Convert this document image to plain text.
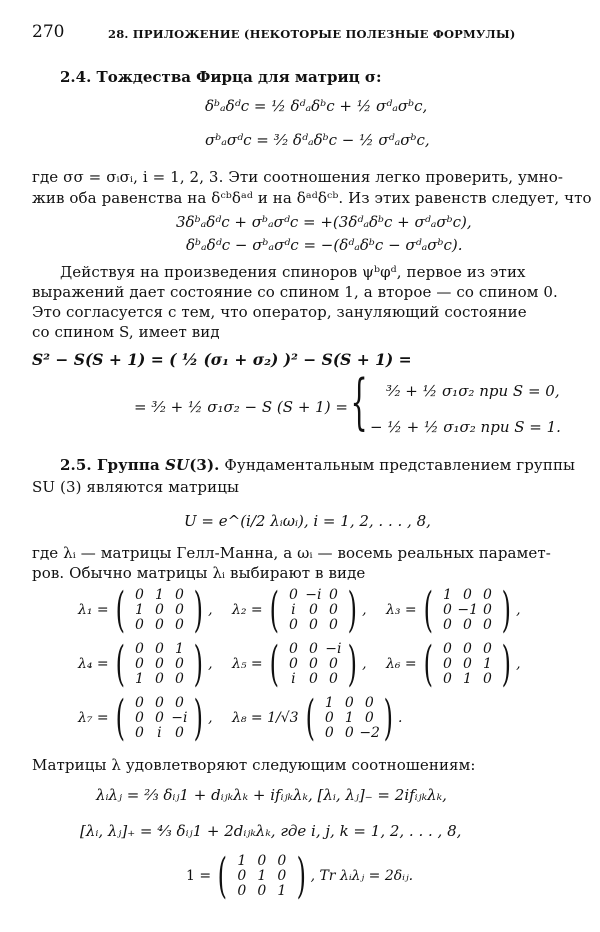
270	28. ПРИЛОЖЕНИЕ (НЕКОТОРЫЕ ПОЛЕЗНЫЕ ФОРМУЛЫ)
2.4. Тождества Фирца для матриц σ:
δᵇₐδᵈc = ½ δᵈₐδᵇc + ½ σᵈₐσᵇc,
σᵇₐσᵈc = ³⁄₂ δᵈₐδᵇc − ½ σᵈₐσᵇc,
где σσ = σᵢσᵢ, i = 1, 2, 3. Эти соотношения легко проверить, умно-
жив оба равенства на δᶜᵇδᵃᵈ и на δᵃᵈδᶜᵇ. Из этих равенств следует, что
3δᵇₐδᵈc + σᵇₐσᵈc = +(3δᵈₐδᵇc + σᵈₐσᵇc),
δᵇₐδᵈc − σᵇₐσᵈc = −(δᵈₐδᵇc − σᵈₐσᵇc).
Действуя на произведения спиноров ψᵇφᵈ, первое из этих
выражений дает состояние со спином 1, а второе — со спином 0.
Это согласуется с тем, что оператор, зануляющий состояние
со спином S, имеет вид
S² − S(S + 1) = ( ½ (σ₁ + σ₂) )² − S(S + 1) =
= ³⁄₂ + ½ σ₁σ₂ − S (S + 1) = { ³⁄₂ + ½ σ₁σ₂ при S = 0,
− ½ + ½ σ₁σ₂ при S = 1.
2.5. Группа SU(3). Фундаментальным представлением группы
SU (3) являются матрицы
U = e^(i/2 λᵢωᵢ), i = 1, 2, . . . , 8,
где λᵢ — матрицы Гелл-Манна, а ωᵢ — восемь реальных парамет-
ров. Обычно матрицы λᵢ выбирают в виде
λ₁ = ( 0 1 0
1 0 0
0 0 0 ) , λ₂ = ( 0 −i 0
i 0 0
0 0 0 ) , λ₃ = ( 1 0 0
0 −1 0
0 0 0 ) ,
λ₄ = ( 0 0 1
0 0 0
1 0 0 ) , λ₅ = ( 0 0 −i
0 0 0
i 0 0 ) , λ₆ = ( 0 0 0
0 0 1
0 1 0 ) ,
λ₇ = ( 0 0 0
0 0 −i
0 i 0 ) , λ₈ = 1/√3 ( 1 0 0
0 1 0
0 0 −2 ) .
Матрицы λ удовлетворяют следующим соотношениям:
λᵢλⱼ = ⅔ δᵢⱼ1 + dᵢⱼₖλₖ + ifᵢⱼₖλₖ, [λᵢ, λⱼ]₋ = 2ifᵢⱼₖλₖ,
[λᵢ, λⱼ]₊ = ⁴⁄₃ δᵢⱼ1 + 2dᵢⱼₖλₖ, где i, j, k = 1, 2, . . . , 8,
1 = ( 1 0 0
0 1 0
0 0 1 ) , Tr λᵢλⱼ = 2δᵢⱼ.
